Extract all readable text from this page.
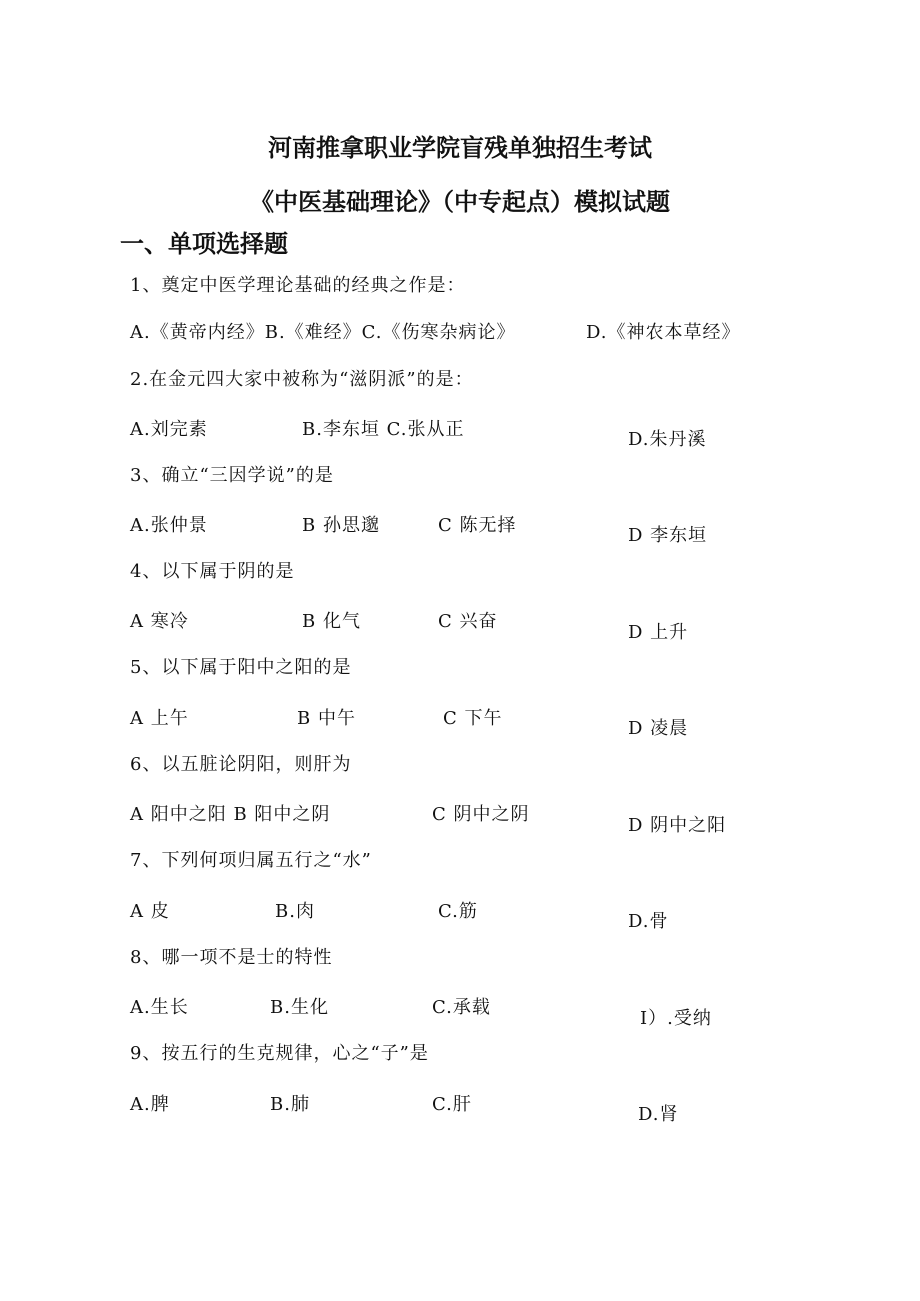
河南推拿职业学院盲残单独招生考试
《中医基础理论》（中专起点）模拟试题
一、单项选择题
1、奠定中医学理论基础的经典之作是：
A.《黄帝内经》B.《难经》C.《伤寒杂病论》	D.《神农本草经》
2.在金元四大家中被称为“滋阴派”的是：
A.刘完素	B.李东垣 C.张从正	D.朱丹溪
3、确立“三因学说”的是
A.张仲景	B 孙思邈	C 陈无择	D 李东垣
4、以下属于阴的是
A 寒冷	B 化气	C 兴奋
D 上升
5、以下属于阳中之阳的是
A 上午	B 中午	C 下午	D 凌晨
6、以五脏论阴阳，则肝为
A 阳中之阳 B 阳中之阴	C 阴中之阴
D 阴中之阳
7、下列何项归属五行之“水”
A 皮	B.肉	C.筋	D.骨
8、哪一项不是士的特性
A.生长	B.生化	C.承载
I）.受纳
9、按五行的生克规律，心之“子”是
A.脾	B.肺	C.肝	D.肾
